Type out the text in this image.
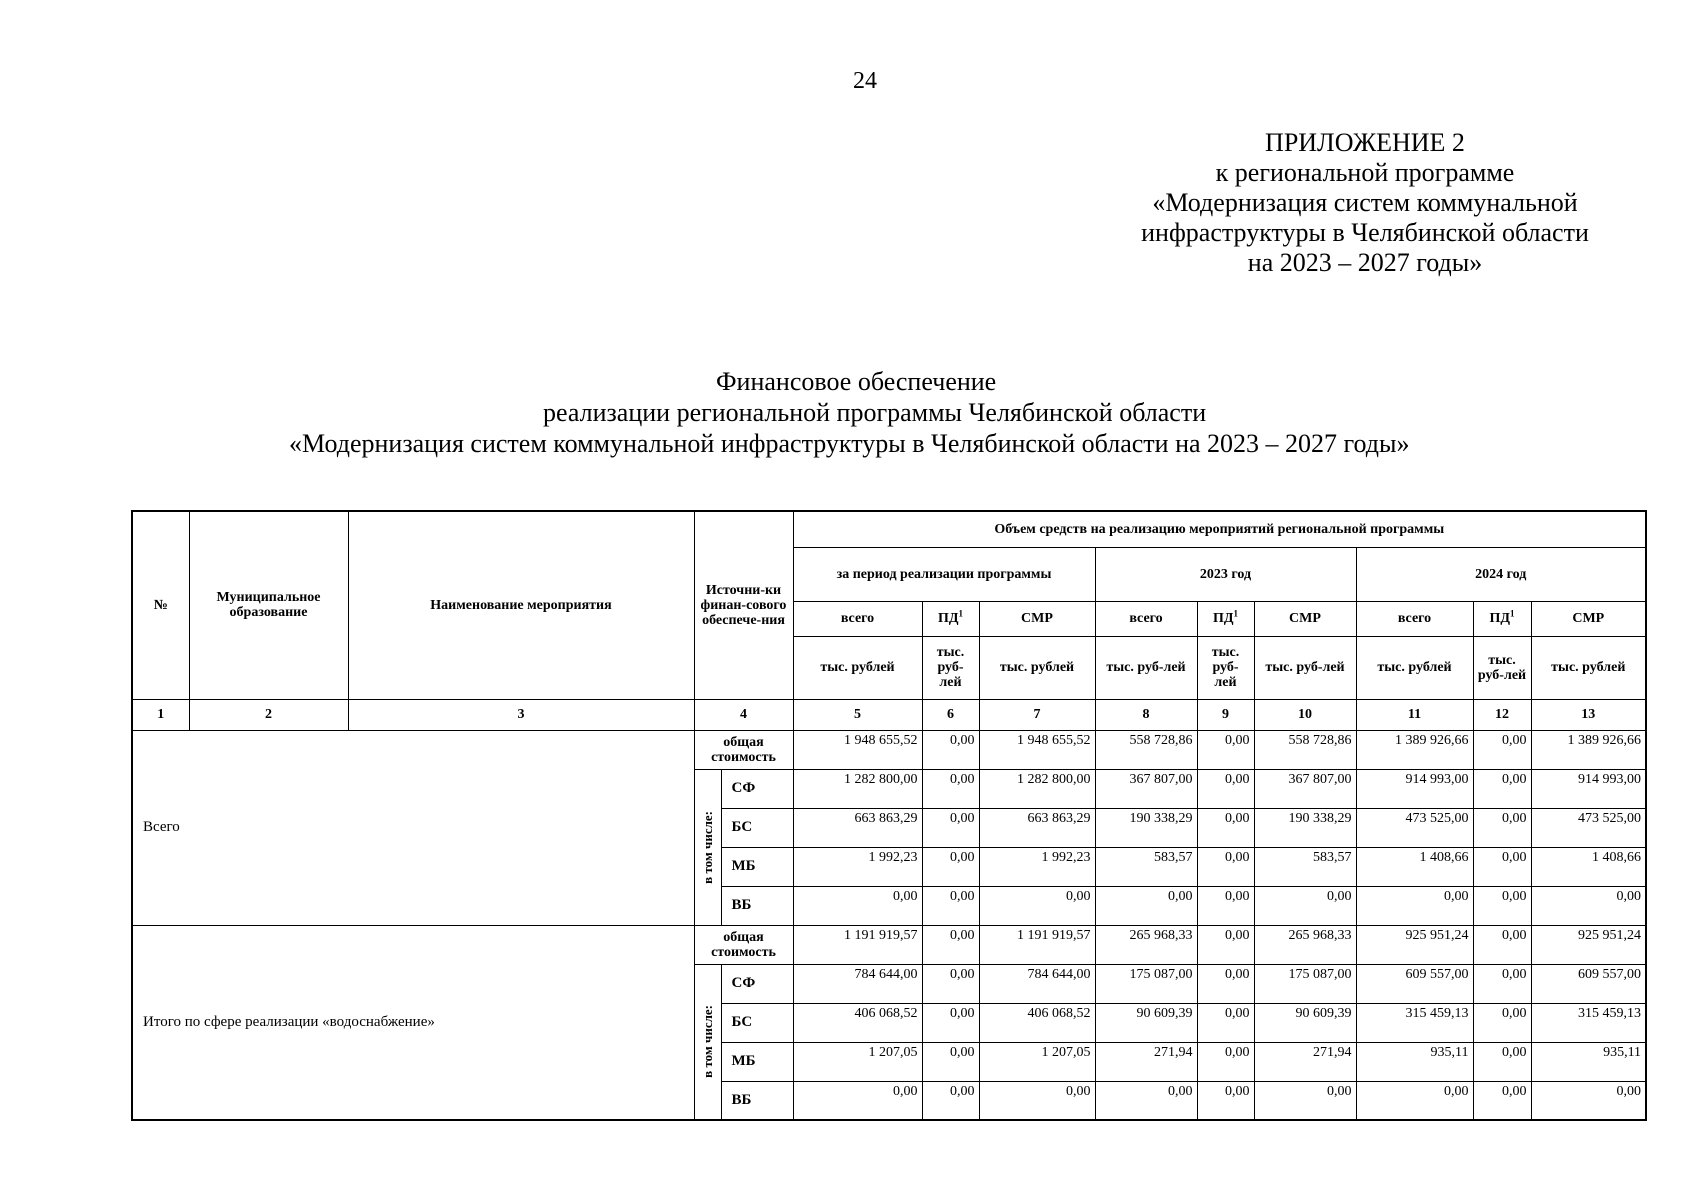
24
ПРИЛОЖЕНИЕ 2
к региональной программе
«Модернизация систем коммунальной
инфраструктуры в Челябинской области
на 2023 – 2027 годы»
Финансовое обеспечение
реализации региональной программы Челябинской области
«Модернизация систем коммунальной инфраструктуры в Челябинской области на 2023 – 2027 годы»
№	Муниципальное образование	Наименование мероприятия	Источни-ки финан-сового обеспече-ния		Объем средств на реализацию мероприятий региональной программы								
					за период реализации программы			2023 год			2024 год		
					всего	$ПД^1$	СМР	всего	$ПД^1$	СМР	всего	$ПД^1$	СМР
					тыс. рублей	тыс. руб-лей	тыс. рублей	тыс. руб-лей	тыс. руб-лей	тыс. руб-лей	тыс. рублей	тыс. руб-лей	тыс. рублей
1	2	3	4		5	6	7	8	9	10	11	12	13
Всего			общая стоимость		1 948 655,52	0,00	1 948 655,52	558 728,86	0,00	558 728,86	1 389 926,66	0,00	1 389 926,66

			в том числе:	СФ	1 282 800,00	0,00	1 282 800,00	367 807,00	0,00	367 807,00	914 993,00	0,00	914 993,00
				БС	663 863,29	0,00	663 863,29	190 338,29	0,00	190 338,29	473 525,00	0,00	473 525,00
				МБ	1 992,23	0,00	1 992,23	583,57	0,00	583,57	1 408,66	0,00	1 408,66
				ВБ	0,00	0,00	0,00	0,00	0,00	0,00	0,00	0,00	0,00
Итого по сфере реализации «водоснабжение»			общая стоимость		1 191 919,57	0,00	1 191 919,57	265 968,33	0,00	265 968,33	925 951,24	0,00	925 951,24

			в том числе:	СФ	784 644,00	0,00	784 644,00	175 087,00	0,00	175 087,00	609 557,00	0,00	609 557,00
				БС	406 068,52	0,00	406 068,52	90 609,39	0,00	90 609,39	315 459,13	0,00	315 459,13
				МБ	1 207,05	0,00	1 207,05	271,94	0,00	271,94	935,11	0,00	935,11
				ВБ	0,00	0,00	0,00	0,00	0,00	0,00	0,00	0,00	0,00
